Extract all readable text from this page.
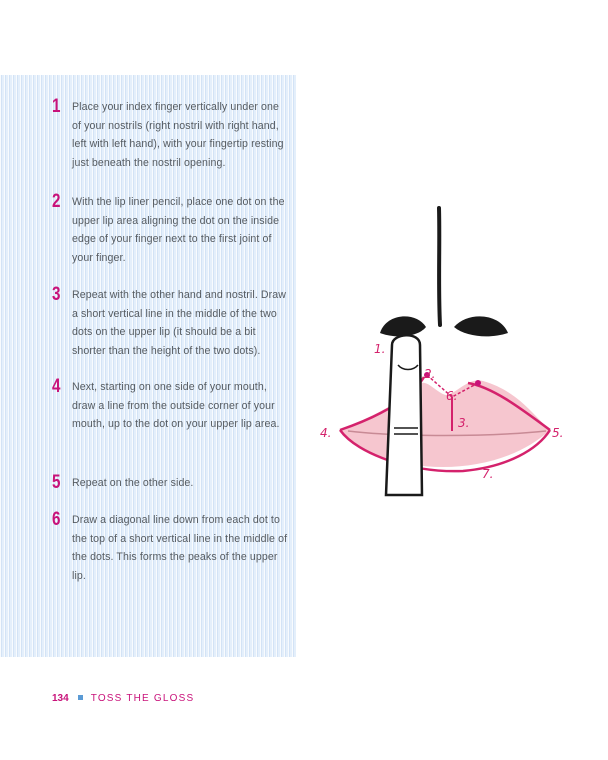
1 Place your index finger vertically under one of your nostrils (right nostril with right hand, left with left hand), with your fingertip resting just beneath the nostril opening.
2 With the lip liner pencil, place one dot on the upper lip area aligning the dot on the inside edge of your finger next to the first joint of your finger.
3 Repeat with the other hand and nostril. Draw a short vertical line in the middle of the two dots on the upper lip (it should be a bit shorter than the height of the two dots).
4 Next, starting on one side of your mouth, draw a line from the outside corner of your mouth, up to the dot on your upper lip area.
5 Repeat on the other side.
6 Draw a diagonal line down from each dot to the top of a short vertical line in the middle of the dots. This forms the peaks of the upper lip.
1.
2.
3.
4.	5.
6.
7.
134 TOSS THE GLOSS
